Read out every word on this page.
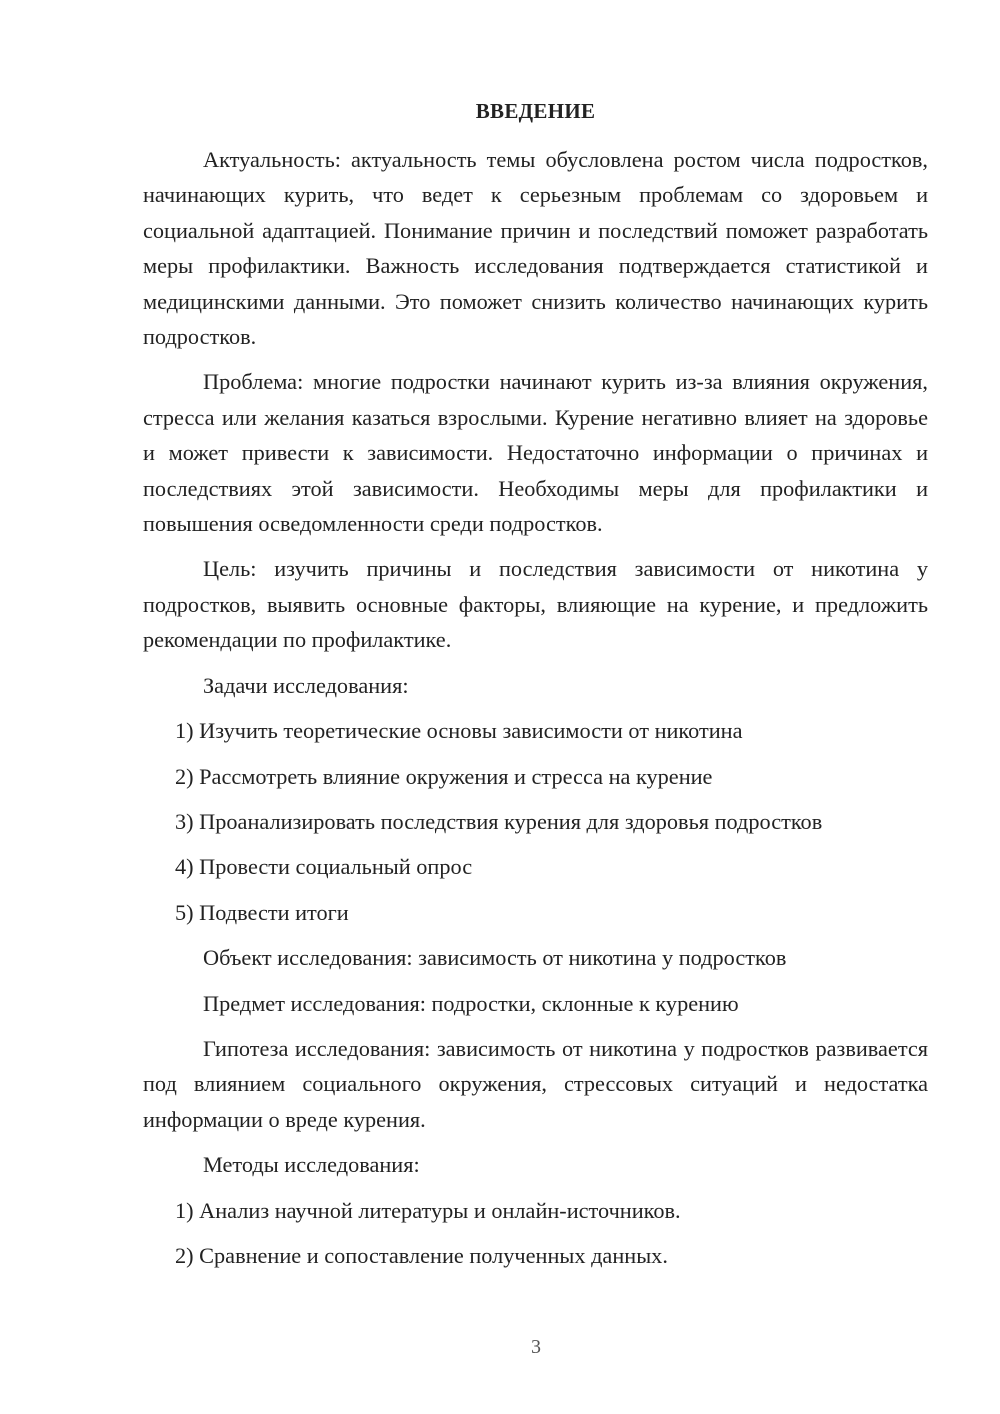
ВВЕДЕНИЕ

Актуальность: актуальность темы обусловлена ростом числа подростков, начинающих курить, что ведет к серьезным проблемам со здоровьем и социальной адаптацией. Понимание причин и последствий поможет разработать меры профилактики. Важность исследования подтверждается статистикой и медицинскими данными. Это поможет снизить количество начинающих курить подростков.

Проблема: многие подростки начинают курить из-за влияния окружения, стресса или желания казаться взрослыми. Курение негативно влияет на здоровье и может привести к зависимости. Недостаточно информации о причинах и последствиях этой зависимости. Необходимы меры для профилактики и повышения осведомленности среди подростков.

Цель: изучить причины и последствия зависимости от никотина у подростков, выявить основные факторы, влияющие на курение, и предложить рекомендации по профилактике.

Задачи исследования:

1) Изучить теоретические основы зависимости от никотина

2) Рассмотреть влияние окружения и стресса на курение

3) Проанализировать последствия курения для здоровья подростков

4) Провести социальный опрос

5) Подвести итоги

Объект исследования: зависимость от никотина у подростков

Предмет исследования: подростки, склонные к курению

Гипотеза исследования: зависимость от никотина у подростков развивается под влиянием социального окружения, стрессовых ситуаций и недостатка информации о вреде курения.

Методы исследования:

1) Анализ научной литературы и онлайн-источников.

2) Сравнение и сопоставление полученных данных.

3
